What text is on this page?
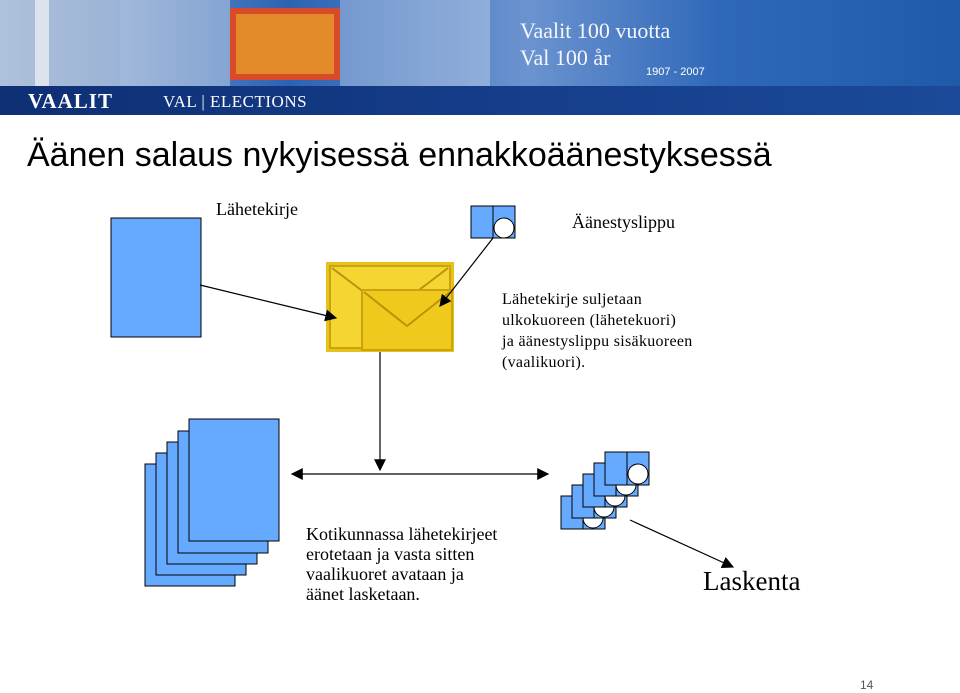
VAALIT	VAL | ELECTIONS
Vaalit 100 vuotta
Val 100 år
1907 - 2007
Äänen salaus nykyisessä ennakkoäänestyksessä
Lähetekirje
Äänestyslippu
Lähetekirje suljetaan
ulkokuoreen (lähetekuori)
ja äänestyslippu sisäkuoreen
(vaalikuori).
Kotikunnassa lähetekirjeet
erotetaan ja vasta sitten
vaalikuoret avataan ja
äänet lasketaan.	Laskenta
14
